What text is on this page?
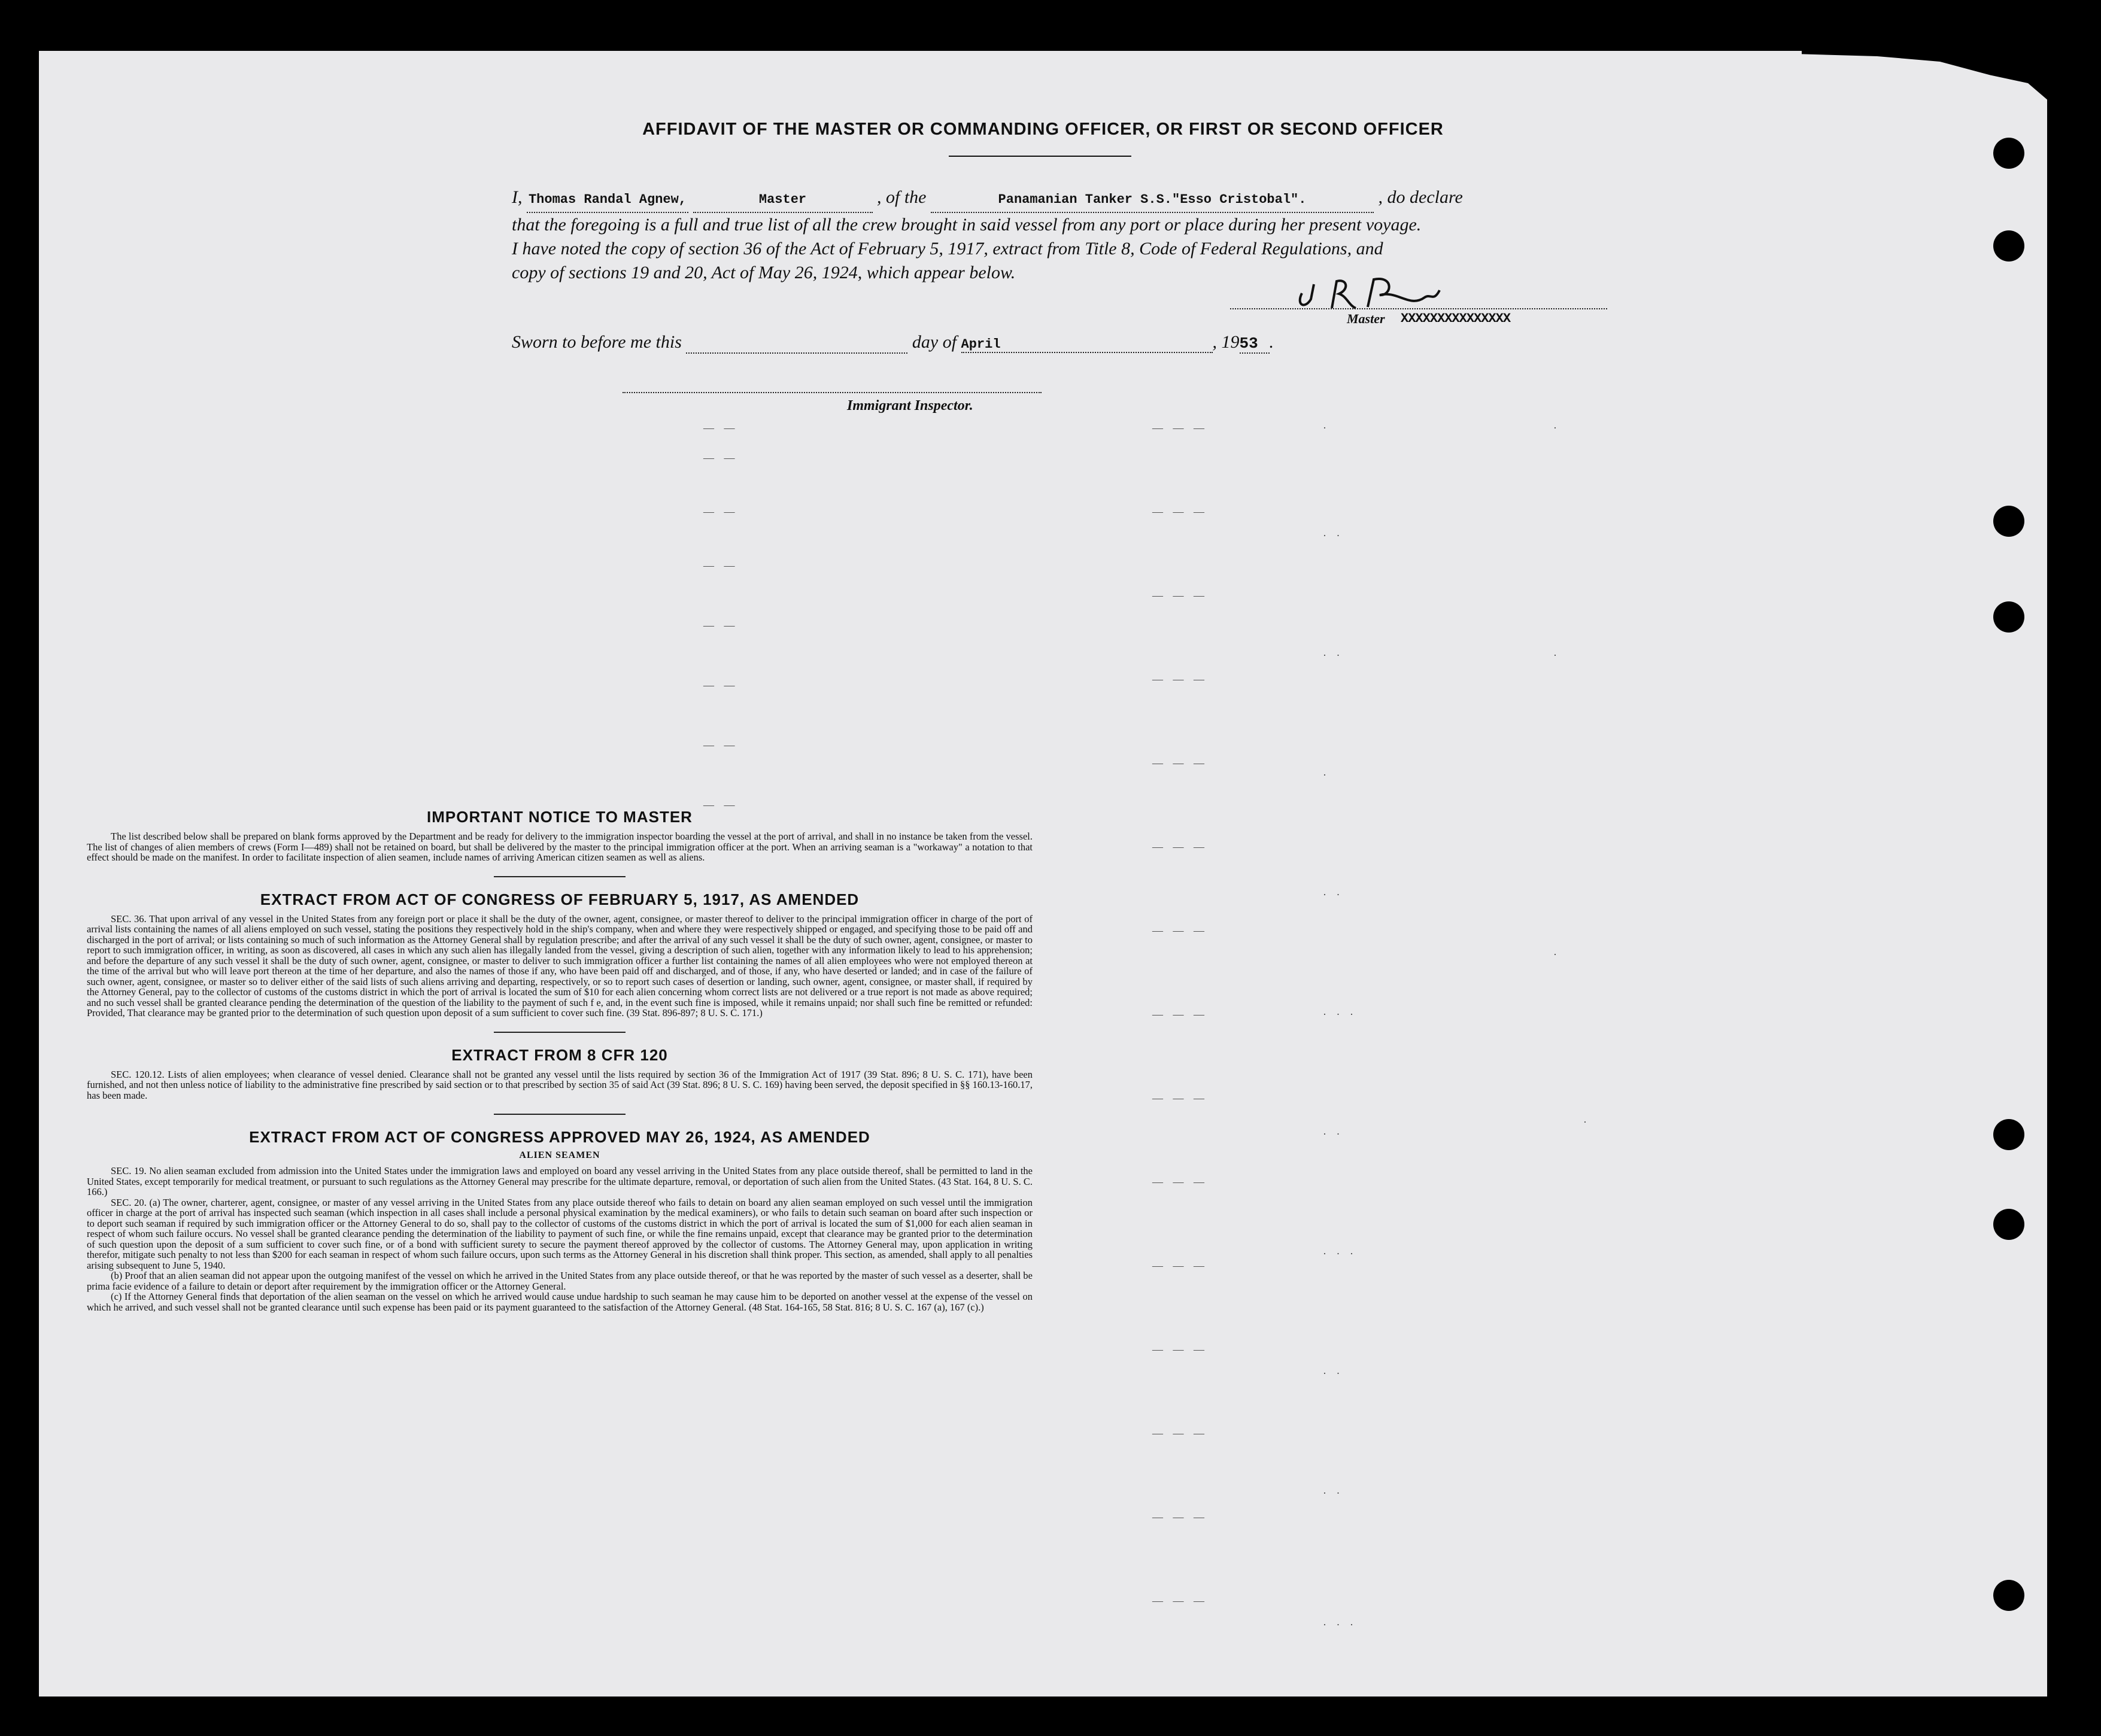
AFFIDAVIT OF THE MASTER OR COMMANDING OFFICER, OR FIRST OR SECOND OFFICER
I, Thomas Randal Agnew,	Master	, of the	Panamanian Tanker S.S."Esso Cristobal".	, do declare
that the foregoing is a full and true list of all the crew brought in said vessel from any port or place during her present voyage.
I have noted the copy of section 36 of the Act of February 5, 1917, extract from Title 8, Code of Federal Regulations, and
copy of sections 19 and 20, Act of May 26, 1924, which appear below.
Master XXXXXXXXXXXXXXX
Sworn to before me this	day of April	, 1953 .
Immigrant Inspector.
— —
— —
— —
— —
— —
— —
— —
— —
— — —
— — —
— — —
— — —
— — —
— — —
— — —
— — —
— — —
— — —
— — —
— — —
— — —
— — —
— — —
·
· ·
· ·
·
· ·
· · ·
· ·
· · ·
· ·
· ·
· · ·
·
·
·
·
IMPORTANT NOTICE TO MASTER

The list described below shall be prepared on blank forms approved by the Department and be ready for delivery to the immigration inspector boarding the vessel at the port of arrival, and shall in no instance be taken from the vessel. The list of changes of alien members of crews (Form I—489) shall not be retained on board, but shall be delivered by the master to the principal immigration officer at the port. When an arriving seaman is a "workaway" a notation to that effect should be made on the manifest. In order to facilitate inspection of alien seamen, include names of arriving American citizen seamen as well as aliens.

EXTRACT FROM ACT OF CONGRESS OF FEBRUARY 5, 1917, AS AMENDED

SEC. 36. That upon arrival of any vessel in the United States from any foreign port or place it shall be the duty of the owner, agent, consignee, or master thereof to deliver to the principal immigration officer in charge of the port of arrival lists containing the names of all aliens employed on such vessel, stating the positions they respectively hold in the ship's company, when and where they were respectively shipped or engaged, and specifying those to be paid off and discharged in the port of arrival; or lists containing so much of such information as the Attorney General shall by regulation prescribe; and after the arrival of any such vessel it shall be the duty of such owner, agent, consignee, or master to report to such immigration officer, in writing, as soon as discovered, all cases in which any such alien has illegally landed from the vessel, giving a description of such alien, together with any information likely to lead to his apprehension; and before the departure of any such vessel it shall be the duty of such owner, agent, consignee, or master to deliver to such immigration officer a further list containing the names of all alien employees who were not employed thereon at the time of the arrival but who will leave port thereon at the time of her departure, and also the names of those if any, who have been paid off and discharged, and of those, if any, who have deserted or landed; and in case of the failure of such owner, agent, consignee, or master so to deliver either of the said lists of such aliens arriving and departing, respectively, or so to report such cases of desertion or landing, such owner, agent, consignee, or master shall, if required by the Attorney General, pay to the collector of customs of the customs district in which the port of arrival is located the sum of $10 for each alien concerning whom correct lists are not delivered or a true report is not made as above required; and no such vessel shall be granted clearance pending the determination of the question of the liability to the payment of such f e, and, in the event such fine is imposed, while it remains unpaid; nor shall such fine be remitted or refunded: Provided, That clearance may be granted prior to the determination of such question upon deposit of a sum sufficient to cover such fine. (39 Stat. 896-897; 8 U. S. C. 171.)

EXTRACT FROM 8 CFR 120

SEC. 120.12. Lists of alien employees; when clearance of vessel denied. Clearance shall not be granted any vessel until the lists required by section 36 of the Immigration Act of 1917 (39 Stat. 896; 8 U. S. C. 171), have been furnished, and not then unless notice of liability to the administrative fine prescribed by said section or to that prescribed by section 35 of said Act (39 Stat. 896; 8 U. S. C. 169) having been served, the deposit specified in §§ 160.13-160.17, has been made.

EXTRACT FROM ACT OF CONGRESS APPROVED MAY 26, 1924, AS AMENDED
ALIEN SEAMEN

SEC. 19. No alien seaman excluded from admission into the United States under the immigration laws and employed on board any vessel arriving in the United States from any place outside thereof, shall be permitted to land in the United States, except temporarily for medical treatment, or pursuant to such regulations as the Attorney General may prescribe for the ultimate departure, removal, or deportation of such alien from the United States. (43 Stat. 164, 8 U. S. C. 166.)

SEC. 20. (a) The owner, charterer, agent, consignee, or master of any vessel arriving in the United States from any place outside thereof who fails to detain on board any alien seaman employed on such vessel until the immigration officer in charge at the port of arrival has inspected such seaman (which inspection in all cases shall include a personal physical examination by the medical examiners), or who fails to detain such seaman on board after such inspection or to deport such seaman if required by such immigration officer or the Attorney General to do so, shall pay to the collector of customs of the customs district in which the port of arrival is located the sum of $1,000 for each alien seaman in respect of whom such failure occurs. No vessel shall be granted clearance pending the determination of the liability to payment of such fine, or while the fine remains unpaid, except that clearance may be granted prior to the determination of such question upon the deposit of a sum sufficient to cover such fine, or of a bond with sufficient surety to secure the payment thereof approved by the collector of customs. The Attorney General may, upon application in writing therefor, mitigate such penalty to not less than $200 for each seaman in respect of whom such failure occurs, upon such terms as the Attorney General in his discretion shall think proper. This section, as amended, shall apply to all penalties arising subsequent to June 5, 1940.

(b) Proof that an alien seaman did not appear upon the outgoing manifest of the vessel on which he arrived in the United States from any place outside thereof, or that he was reported by the master of such vessel as a deserter, shall be prima facie evidence of a failure to detain or deport after requirement by the immigration officer or the Attorney General.

(c) If the Attorney General finds that deportation of the alien seaman on the vessel on which he arrived would cause undue hardship to such seaman he may cause him to be deported on another vessel at the expense of the vessel on which he arrived, and such vessel shall not be granted clearance until such expense has been paid or its payment guaranteed to the satisfaction of the Attorney General. (48 Stat. 164-165, 58 Stat. 816; 8 U. S. C. 167 (a), 167 (c).)
